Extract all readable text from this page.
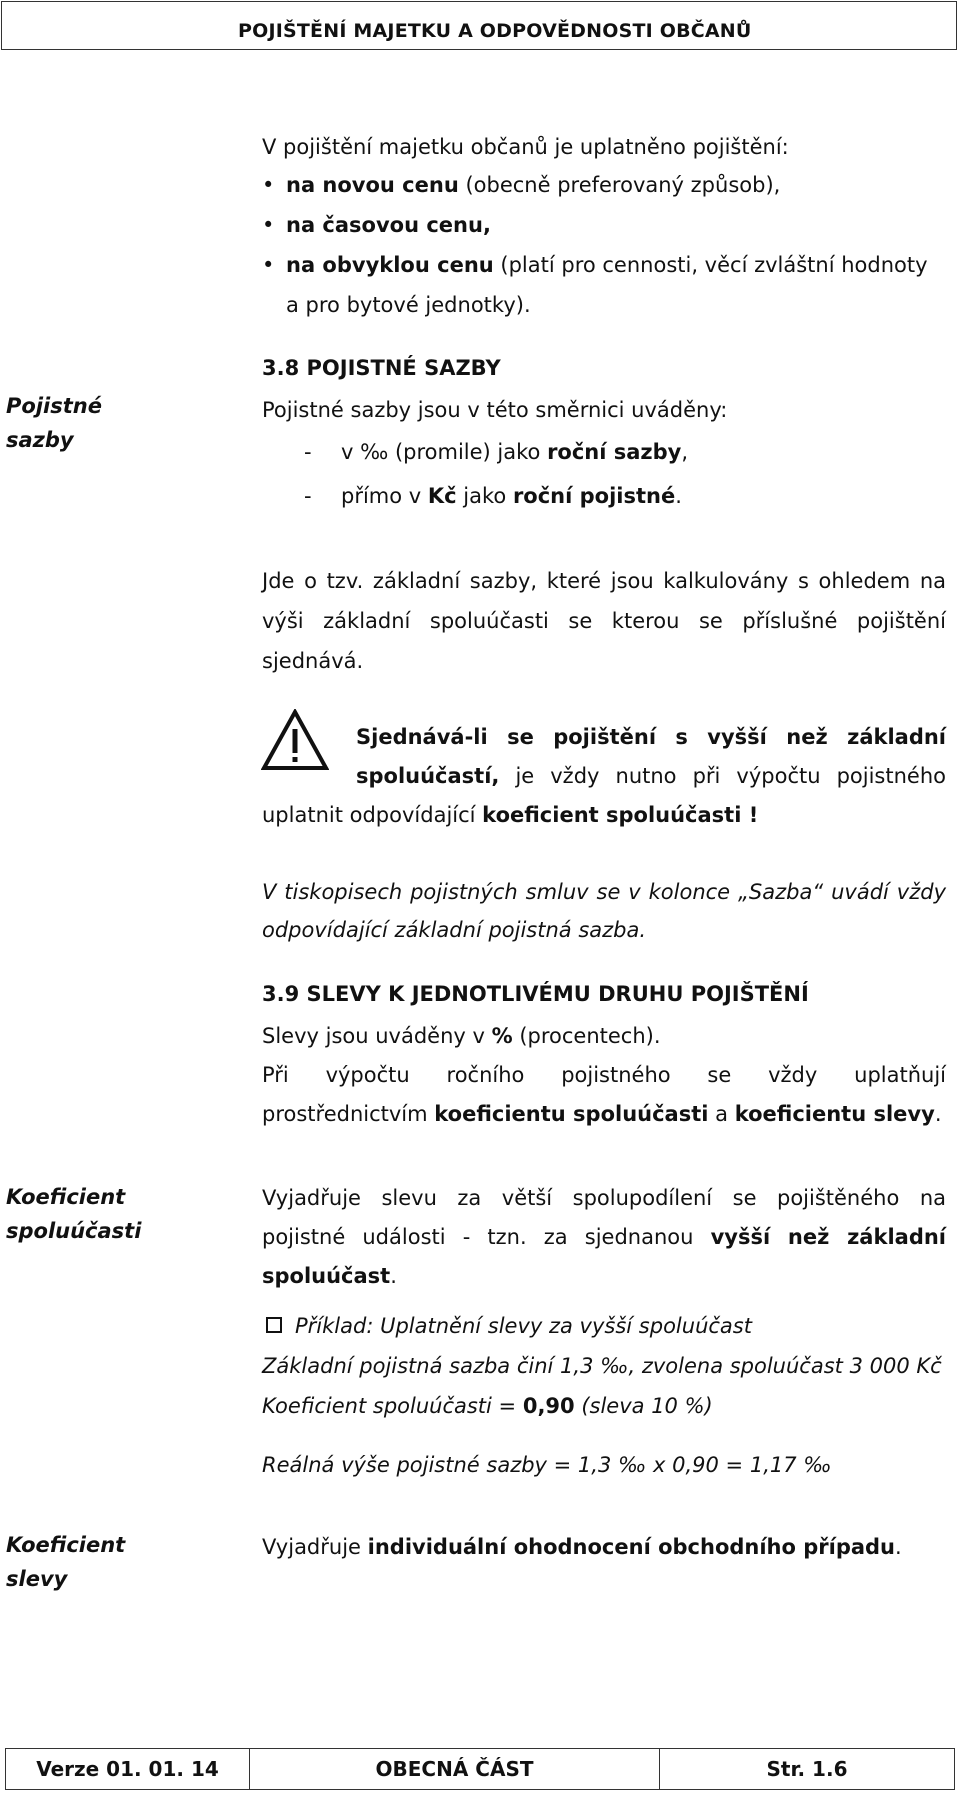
POJIŠTĚNÍ MAJETKU A ODPOVĚDNOSTI OBČANŮ
V pojištění majetku občanů je uplatněno pojištění:
• na novou cenu (obecně preferovaný způsob),
• na časovou cenu,
• na obvyklou cenu (platí pro cennosti, věcí zvláštní hodnoty
a pro bytové jednotky).
Pojistné
sazby
3.8 POJISTNÉ SAZBY
Pojistné sazby jsou v této směrnici uváděny:
- v ‰ (promile) jako roční sazby,
- přímo v Kč jako roční pojistné.
Jde o tzv. základní sazby, které jsou kalkulovány s ohledem na
výši základní spoluúčasti se kterou se příslušné pojištění
sjednává.
Sjednává-li se pojištění s vyšší než základní
spoluúčastí, je vždy nutno při výpočtu pojistného
uplatnit odpovídající koeficient spoluúčasti !
V tiskopisech pojistných smluv se v kolonce „Sazba“ uvádí vždy
odpovídající základní pojistná sazba.
3.9 SLEVY K JEDNOTLIVÉMU DRUHU POJIŠTĚNÍ
Slevy jsou uváděny v % (procentech).
Při výpočtu ročního pojistného se vždy uplatňují
prostřednictvím koeficientu spoluúčasti a koeficientu slevy.
Koeficient
spoluúčasti
Vyjadřuje slevu za větší spolupodílení se pojištěného na
pojistné události - tzn. za sjednanou vyšší než základní
spoluúčast.
Příklad: Uplatnění slevy za vyšší spoluúčast
Základní pojistná sazba činí 1,3 ‰, zvolena spoluúčast 3 000 Kč
Koeficient spoluúčasti = 0,90 (sleva 10 %)
Reálná výše pojistné sazby = 1,3 ‰ x 0,90 = 1,17 ‰
Koeficient
slevy
Vyjadřuje individuální ohodnocení obchodního případu.
Verze 01. 01. 14	OBECNÁ ČÁST	Str. 1.6
